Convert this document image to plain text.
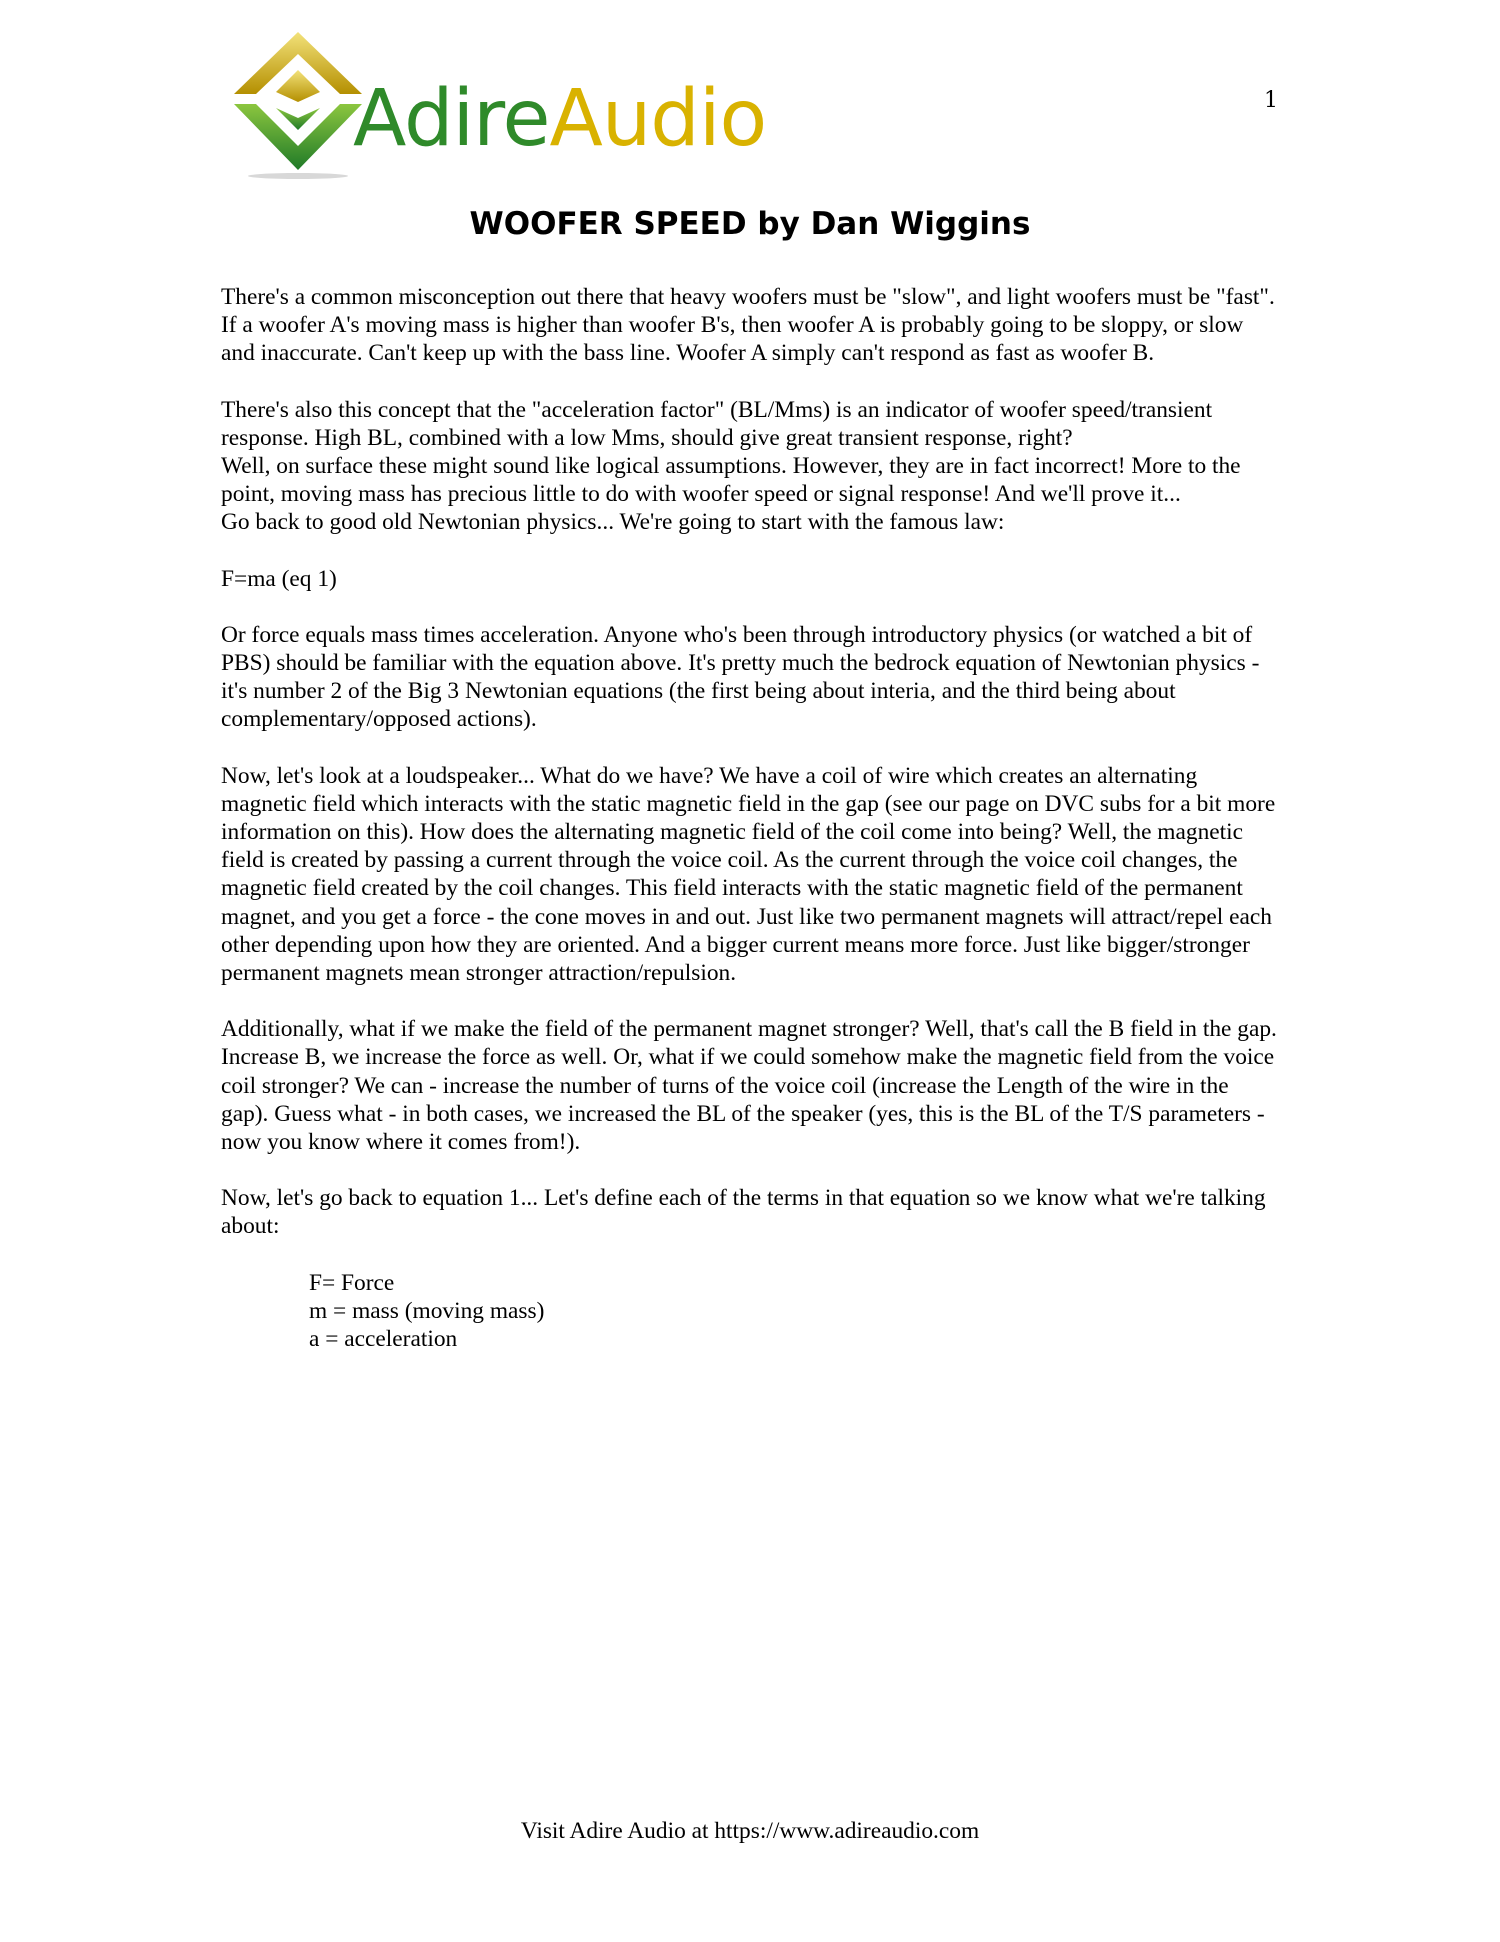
AdireAudio	1
WOOFER SPEED by Dan Wiggins

There's a common misconception out there that heavy woofers must be "slow", and light woofers must be "fast". If a woofer A's moving mass is higher than woofer B's, then woofer A is probably going to be sloppy, or slow and inaccurate. Can't keep up with the bass line. Woofer A simply can't respond as fast as woofer B.

There's also this concept that the "acceleration factor" (BL/Mms) is an indicator of woofer speed/transient response. High BL, combined with a low Mms, should give great transient response, right?

Well, on surface these might sound like logical assumptions. However, they are in fact incorrect! More to the point, moving mass has precious little to do with woofer speed or signal response! And we'll prove it...

Go back to good old Newtonian physics... We're going to start with the famous law:

F=ma (eq 1)

Or force equals mass times acceleration. Anyone who's been through introductory physics (or watched a bit of PBS) should be familiar with the equation above. It's pretty much the bedrock equation of Newtonian physics - it's number 2 of the Big 3 Newtonian equations (the first being about interia, and the third being about complementary/opposed actions).

Now, let's look at a loudspeaker... What do we have? We have a coil of wire which creates an alternating magnetic field which interacts with the static magnetic field in the gap (see our page on DVC subs for a bit more information on this). How does the alternating magnetic field of the coil come into being? Well, the magnetic field is created by passing a current through the voice coil. As the current through the voice coil changes, the magnetic field created by the coil changes. This field interacts with the static magnetic field of the permanent magnet, and you get a force - the cone moves in and out. Just like two permanent magnets will attract/repel each other depending upon how they are oriented. And a bigger current means more force. Just like bigger/stronger permanent magnets mean stronger attraction/repulsion.

Additionally, what if we make the field of the permanent magnet stronger? Well, that's call the B field in the gap. Increase B, we increase the force as well. Or, what if we could somehow make the magnetic field from the voice coil stronger? We can - increase the number of turns of the voice coil (increase the Length of the wire in the gap). Guess what - in both cases, we increased the BL of the speaker (yes, this is the BL of the T/S parameters - now you know where it comes from!).

Now, let's go back to equation 1... Let's define each of the terms in that equation so we know what we're talking about:

F= Force
m = mass (moving mass)
a = acceleration
Visit Adire Audio at https://www.adireaudio.com
